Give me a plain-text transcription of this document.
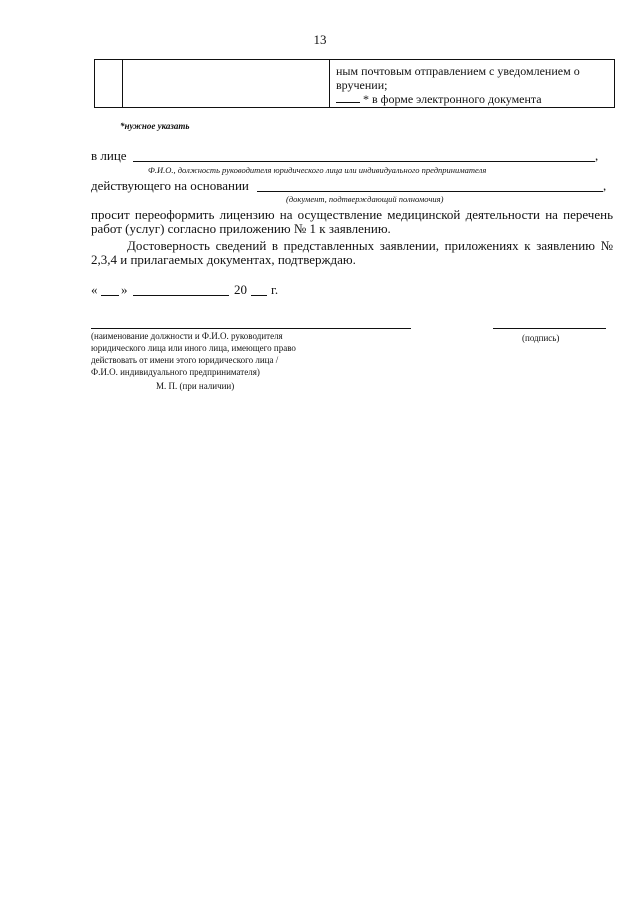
13
ным почтовым отправлением с уведомлением о
вручении;
* в форме электронного документа
*нужное указать
в лице	,
Ф.И.О., должность руководителя юридического лица или индивидуального предпринимателя
действующего на основании	,
(документ, подтверждающий полномочия)
просит переоформить лицензию на осуществление медицинской деятельности на перечень
работ (услуг) согласно приложению № 1 к заявлению.
Достоверность сведений в представленных заявлении, приложениях к заявлению №
2,3,4 и прилагаемых документах, подтверждаю.
« »	20 г.
(подпись)
(наименование должности и Ф.И.О. руководителя
юридического лица или иного лица, имеющего право
действовать от имени этого юридического лица /
Ф.И.О. индивидуального предпринимателя)
М. П. (при наличии)
